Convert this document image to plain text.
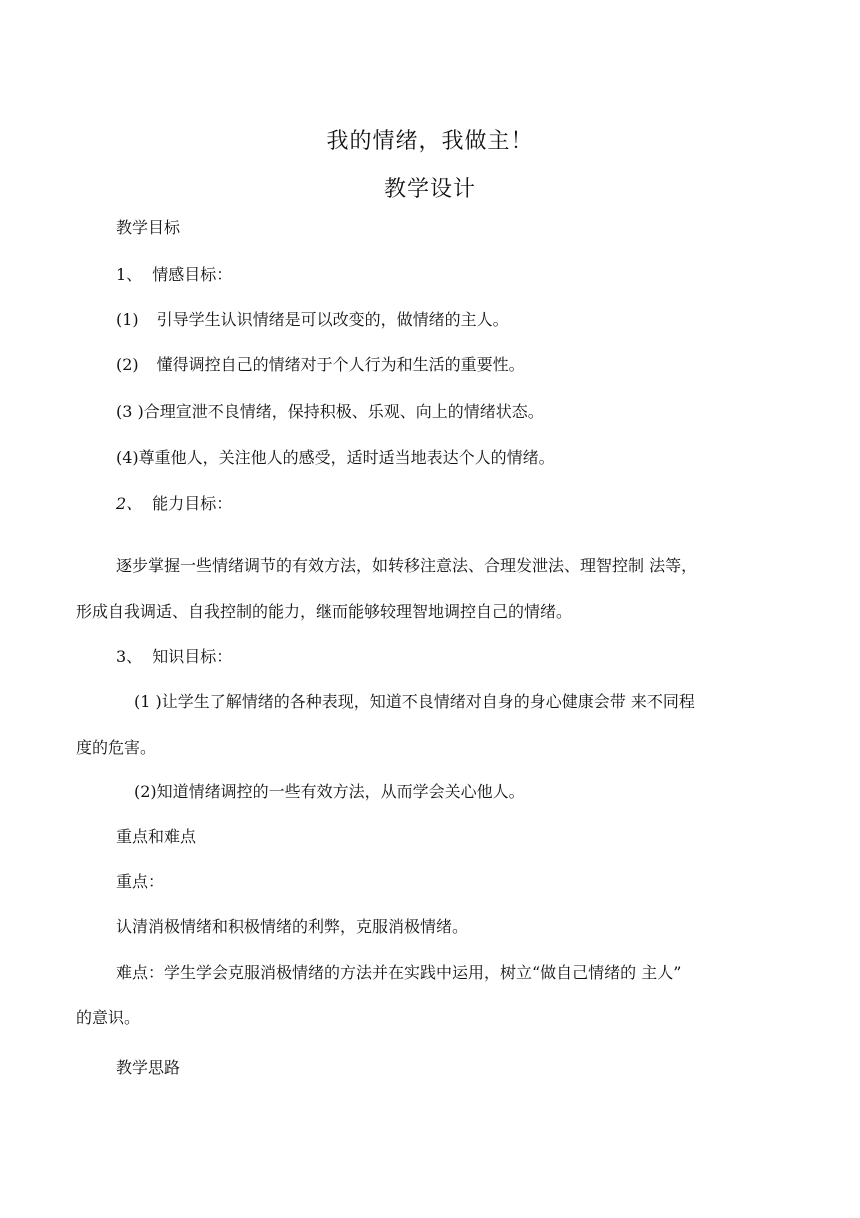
我的情绪，我做主！
教学设计
教学目标
1、 情感目标：
(1) 引导学生认识情绪是可以改变的，做情绪的主人。
(2) 懂得调控自己的情绪对于个人行为和生活的重要性。
(3 )合理宣泄不良情绪，保持积极、乐观、向上的情绪状态。
(4)尊重他人，关注他人的感受，适时适当地表达个人的情绪。
2、 能力目标：
逐步掌握一些情绪调节的有效方法，如转移注意法、合理发泄法、理智控制 法等，
形成自我调适、自我控制的能力，继而能够较理智地调控自己的情绪。
3、 知识目标：
(1 )让学生了解情绪的各种表现，知道不良情绪对自身的身心健康会带 来不同程
度的危害。
(2)知道情绪调控的一些有效方法，从而学会关心他人。
重点和难点
重点：
认清消极情绪和积极情绪的利弊，克服消极情绪。
难点：学生学会克服消极情绪的方法并在实践中运用，树立“做自己情绪的 主人”
的意识。
教学思路
